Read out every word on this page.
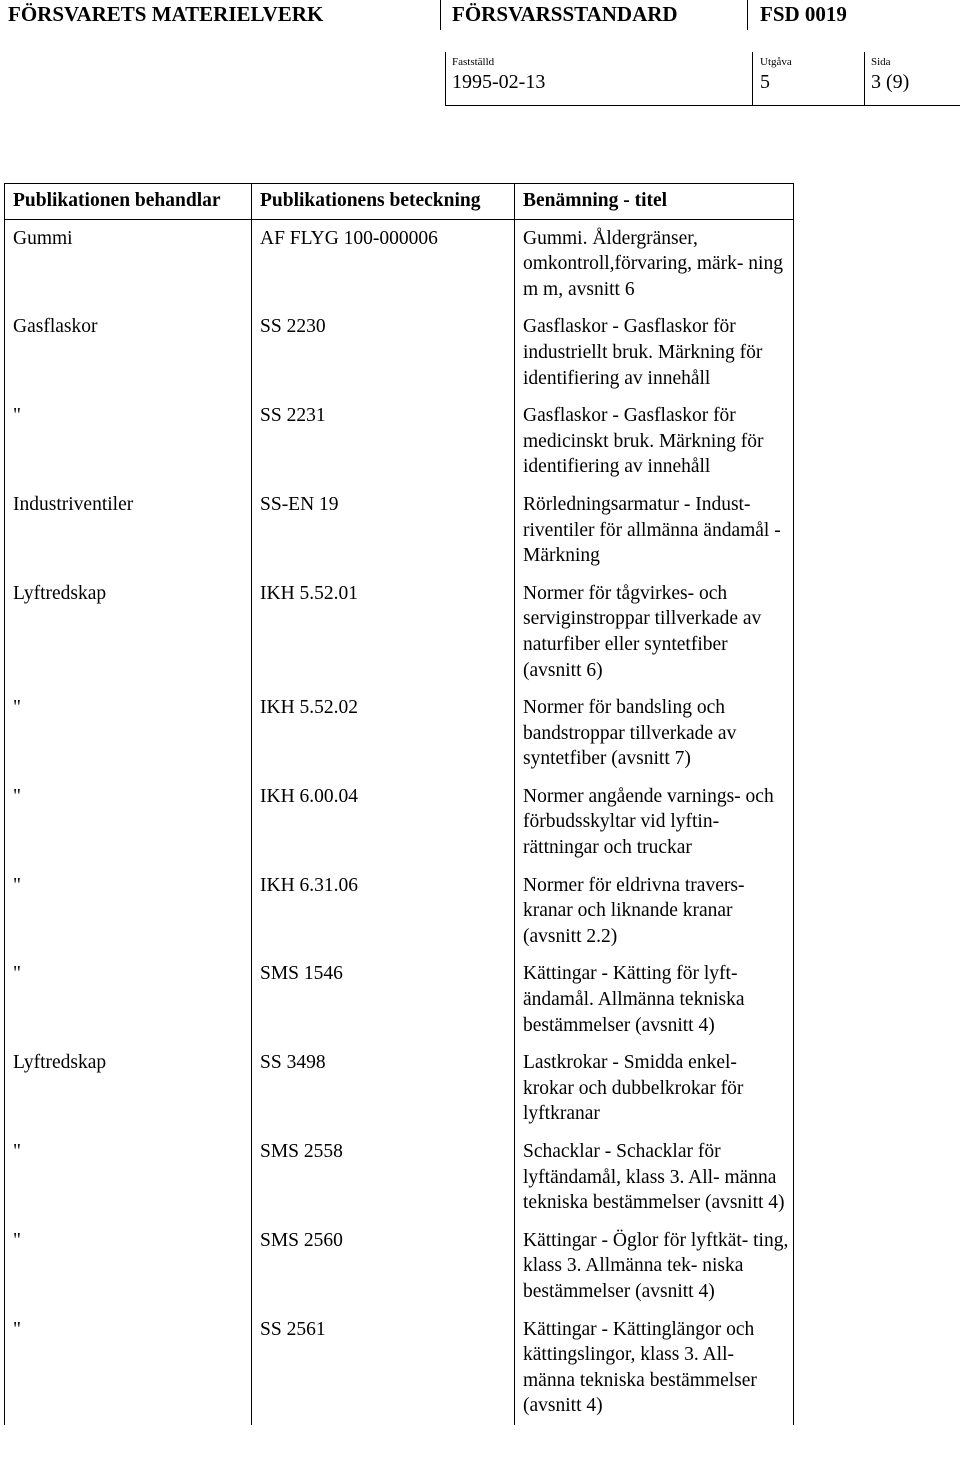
FÖRSVARETS MATERIELVERK	FÖRSVARSSTANDARD	FSD 0019
Fastställd
1995-02-13
Utgåva
5
Sida
3 (9)
Publikationen behandlar	Publikationens beteckning	Benämning - titel
Gummi	AF FLYG 100-000006	Gummi. Åldergränser, omkontroll,förvaring, märk- ning m m, avsnitt 6
Gasflaskor	SS 2230	Gasflaskor - Gasflaskor för industriellt bruk. Märkning för identifiering av innehåll
"	SS 2231	Gasflaskor - Gasflaskor för medicinskt bruk. Märkning för identifiering av innehåll
Industriventiler	SS-EN 19	Rörledningsarmatur - Indust- riventiler för allmänna ändamål - Märkning
Lyftredskap	IKH 5.52.01	Normer för tågvirkes- och serviginstroppar tillverkade av naturfiber eller syntetfiber (avsnitt 6)
"	IKH 5.52.02	Normer för bandsling och bandstroppar tillverkade av syntetfiber (avsnitt 7)
"	IKH 6.00.04	Normer angående varnings- och förbudsskyltar vid lyftin- rättningar och truckar
"	IKH 6.31.06	Normer för eldrivna travers- kranar och liknande kranar (avsnitt 2.2)
"	SMS 1546	Kättingar - Kätting för lyft- ändamål. Allmänna tekniska bestämmelser (avsnitt 4)
Lyftredskap	SS 3498	Lastkrokar - Smidda enkel- krokar och dubbelkrokar för lyftkranar
"	SMS 2558	Schacklar - Schacklar för lyftändamål, klass 3. All- männa tekniska bestämmelser (avsnitt 4)
"	SMS 2560	Kättingar - Öglor för lyftkät- ting, klass 3. Allmänna tek- niska bestämmelser (avsnitt 4)
"	SS 2561	Kättingar - Kättinglängor och kättingslingor, klass 3. All- männa tekniska bestämmelser (avsnitt 4)
